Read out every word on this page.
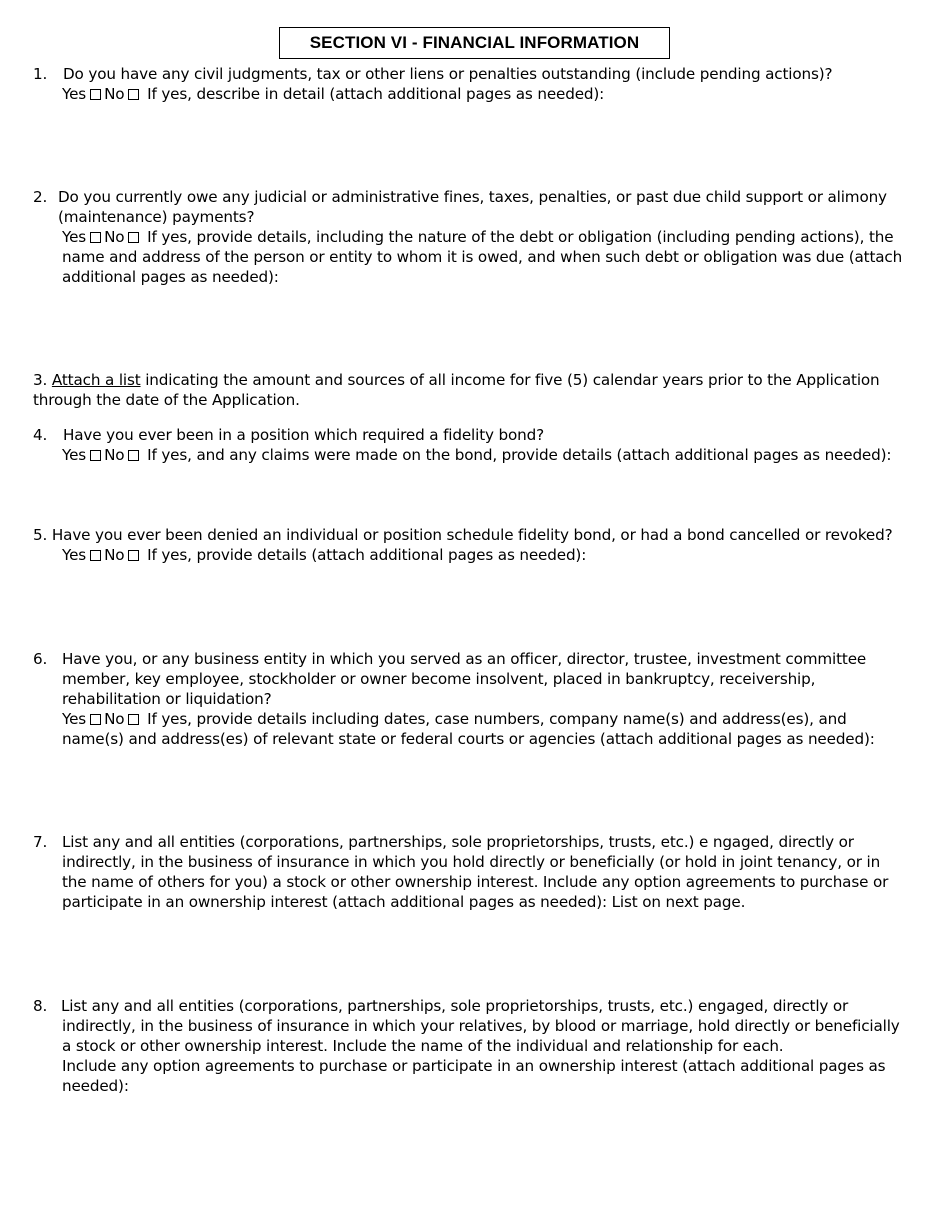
SECTION VI - FINANCIAL INFORMATION
1. Do you have any civil judgments, tax or other liens or penalties outstanding (include pending actions)?
Yes No If yes, describe in detail (attach additional pages as needed):
2. Do you currently owe any judicial or administrative fines, taxes, penalties, or past due child support or alimony
(maintenance) payments?
Yes No If yes, provide details, including the nature of the debt or obligation (including pending actions), the
name and address of the person or entity to whom it is owed, and when such debt or obligation was due (attach
additional pages as needed):
3. Attach a list indicating the amount and sources of all income for five (5) calendar years prior to the Application
through the date of the Application.
4. Have you ever been in a position which required a fidelity bond?
Yes No If yes, and any claims were made on the bond, provide details (attach additional pages as needed):
5. Have you ever been denied an individual or position schedule fidelity bond, or had a bond cancelled or revoked?
Yes No If yes, provide details (attach additional pages as needed):
6. Have you, or any business entity in which you served as an officer, director, trustee, investment committee
member, key employee, stockholder or owner become insolvent, placed in bankruptcy, receivership,
rehabilitation or liquidation?
Yes No If yes, provide details including dates, case numbers, company name(s) and address(es), and
name(s) and address(es) of relevant state or federal courts or agencies (attach additional pages as needed):
7. List any and all entities (corporations, partnerships, sole proprietorships, trusts, etc.) e ngaged, directly or
indirectly, in the business of insurance in which you hold directly or beneficially (or hold in joint tenancy, or in
the name of others for you) a stock or other ownership interest. Include any option agreements to purchase or
participate in an ownership interest (attach additional pages as needed): List on next page.
8. List any and all entities (corporations, partnerships, sole proprietorships, trusts, etc.) engaged, directly or
indirectly, in the business of insurance in which your relatives, by blood or marriage, hold directly or beneficially
a stock or other ownership interest. Include the name of the individual and relationship for each.
Include any option agreements to purchase or participate in an ownership interest (attach additional pages as
needed):
